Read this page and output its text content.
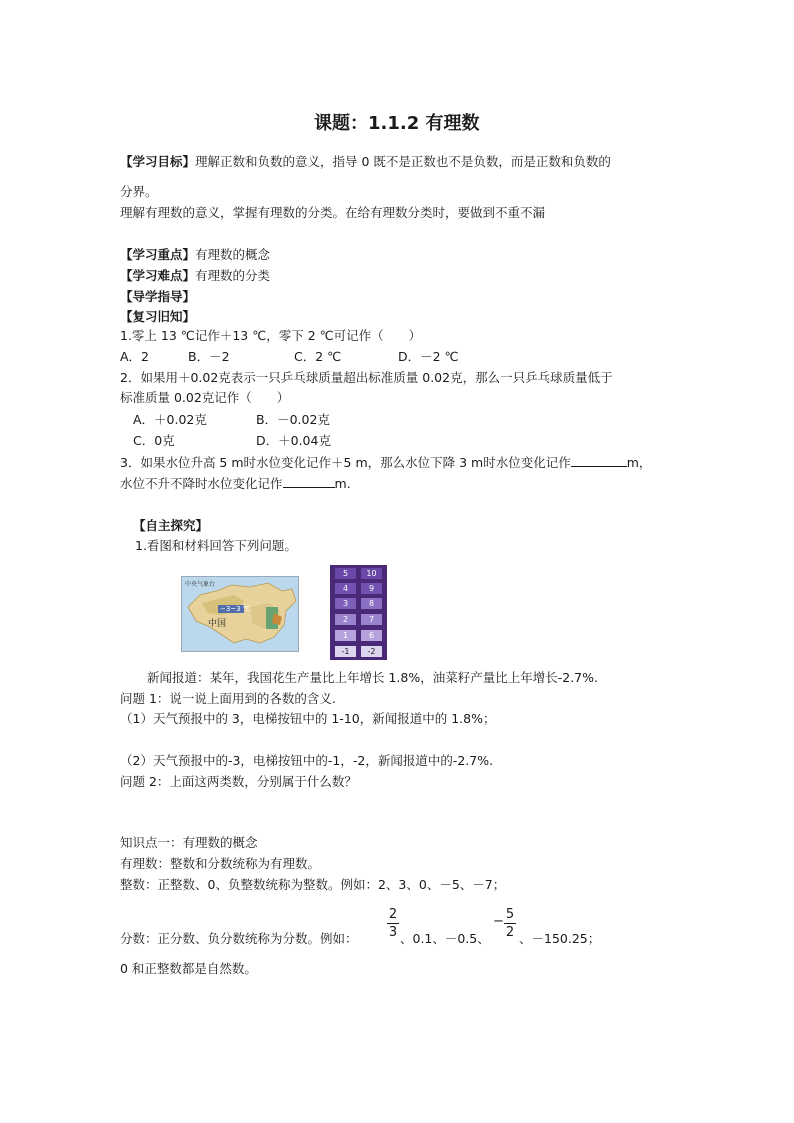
课题：1.1.2 有理数
【学习目标】理解正数和负数的意义，指导 0 既不是正数也不是负数，而是正数和负数的
分界。
理解有理数的意义，掌握有理数的分类。在给有理数分类时，要做到不重不漏
【学习重点】有理数的概念
【学习难点】有理数的分类
【导学指导】
【复习旧知】
1.零上 13 ℃记作＋13 ℃，零下 2 ℃可记作（　　）
A．2	B．－2	C．2 ℃	D．－2 ℃
2．如果用＋0.02克表示一只乒乓球质量超出标准质量 0.02克，那么一只乒乓球质量低于
标准质量 0.02克记作（　　）
A．＋0.02克	B．－0.02克
C．0克	D．＋0.04克
3．如果水位升高 5 m时水位变化记作＋5 m，那么水位下降 3 m时水位变化记作	m，
水位不升不降时水位变化记作	m.
【自主探究】
1.看图和材料回答下列问题。
中央气象台
−3~3 ℃
中国
5	10
4	9
3	8
2	7
1	6
-1	-2
新闻报道：某年，我国花生产量比上年增长 1.8%，油菜籽产量比上年增长-2.7%.
问题 1：说一说上面用到的各数的含义.
（1）天气预报中的 3，电梯按钮中的 1-10，新闻报道中的 1.8%；
（2）天气预报中的-3，电梯按钮中的-1，-2，新闻报道中的-2.7%.
问题 2：上面这两类数，分别属于什么数？
知识点一：有理数的概念
有理数：整数和分数统称为有理数。
整数：正整数、0、负整数统称为整数。例如：2、3、0、－5、－7；
分数：正分数、负分数统称为分数。例如：
2
3 、0.1、－0.5、
− 5
2 、－150.25；
0 和正整数都是自然数。
